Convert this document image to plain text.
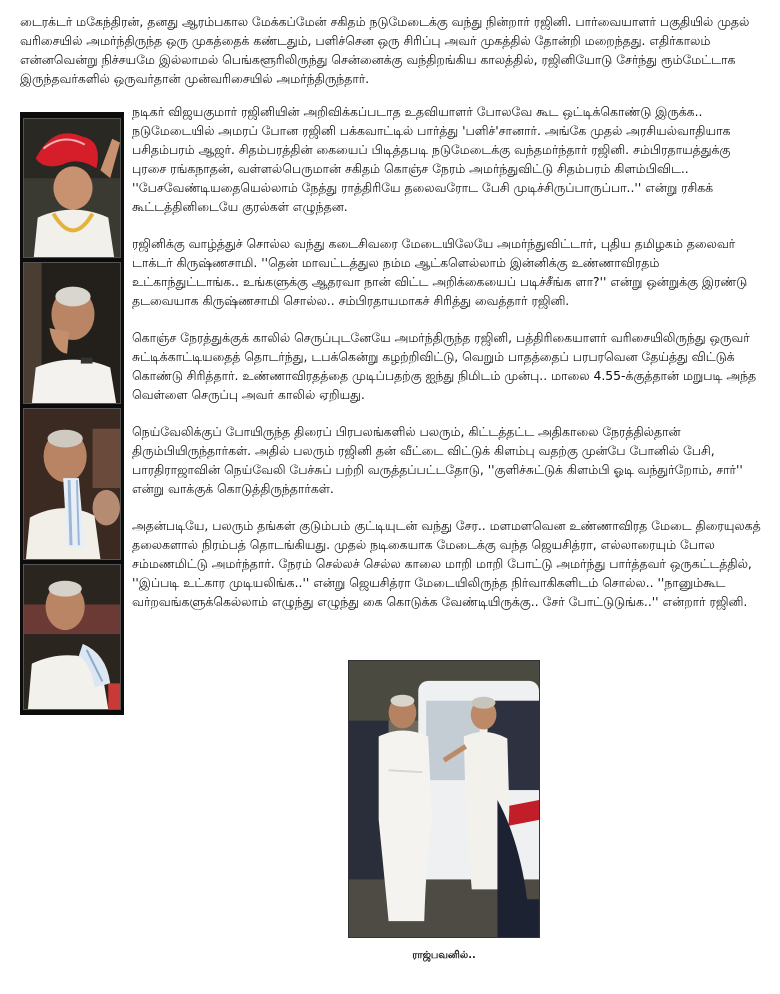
டைரக்டர் மகேந்திரன், தனது ஆரம்பகால மேக்கப்மேன் சகிதம் நடுமேடைக்கு வந்து நின்றார் ரஜினி. பார்வையாளர் பகுதியில் முதல் வரிசையில் அமர்ந்திருந்த ஒரு முகத்தைக் கண்டதும், பளிச்சென ஒரு சிரிப்பு அவர் முகத்தில் தோன்றி மறைந்தது. எதிர்காலம் என்னவென்று நிச்சயமே இல்லாமல் பெங்களூரிலிருந்து சென்னைக்கு வந்திறங்கிய காலத்தில், ரஜினியோடு சேர்ந்து ரூம்மேட்டாக இருந்தவர்களில் ஒருவர்தான் முன்வரிசையில் அமர்ந்திருந்தார்.

நடிகர் விஜயகுமார் ரஜினியின் அறிவிக்கப்படாத உதவியாளர் போலவே கூட ஒட்டிக்கொண்டு இருக்க.. நடுமேடையில் அமரப் போன ரஜினி பக்கவாட்டில் பார்த்து 'பளிச்'சானார். அங்கே முதல் அரசியல்வாதியாக பசிதம்பரம் ஆஜர். சிதம்பரத்தின் கையைப் பிடித்தபடி நடுமேடைக்கு வந்தமர்ந்தார் ரஜினி. சம்பிரதாயத்துக்கு புரசை ரங்கநாதன், வள்ளல்பெருமான் சகிதம் கொஞ்ச நேரம் அமர்ந்துவிட்டு சிதம்பரம் கிளம்பிவிட.. ''பேசவேண்டியதையெல்லாம் நேத்து ராத்திரியே தலைவரோட பேசி முடிச்சிருப்பாருப்பா..'' என்று ரசிகக் கூட்டத்தினிடையே குரல்கள் எழுந்தன.

ரஜினிக்கு வாழ்த்துச் சொல்ல வந்து கடைசிவரை மேடையிலேயே அமர்ந்துவிட்டார், புதிய தமிழகம் தலைவர் டாக்டர் கிருஷ்ணசாமி. ''தென் மாவட்டத்துல நம்ம ஆட்களெல்லாம் இன்னிக்கு உண்ணாவிரதம் உட்காந்துட்டாங்க.. உங்களுக்கு ஆதரவா நான் விட்ட அறிக்கையைப் படிச்சீங்க ளா?'' என்று ஒன்றுக்கு இரண்டு தடவையாக கிருஷ்ணசாமி சொல்ல.. சம்பிரதாயமாகச் சிரித்து வைத்தார் ரஜினி.

கொஞ்ச நேரத்துக்குக் காலில் செருப்புடனேயே அமர்ந்திருந்த ரஜினி, பத்திரிகையாளர் வரிசையிலிருந்து ஒருவர் சுட்டிக்காட்டியதைத் தொடர்ந்து, டபக்கென்று கழற்றிவிட்டு, வெறும் பாதத்தைப் பரபரவென தேய்த்து விட்டுக் கொண்டு சிரித்தார். உண்ணாவிரதத்தை முடிப்பதற்கு ஐந்து நிமிடம் முன்பு.. மாலை 4.55-க்குத்தான் மறுபடி அந்த வெள்ளை செருப்பு அவர் காலில் ஏறியது.

நெய்வேலிக்குப் போயிருந்த திரைப் பிரபலங்களில் பலரும், கிட்டத்தட்ட அதிகாலை நேரத்தில்தான் திரும்பியிருந்தார்கள். அதில் பலரும் ரஜினி தன் வீட்டை விட்டுக் கிளம்பு வதற்கு முன்பே போனில் பேசி, பாரதிராஜாவின் நெய்வேலி பேச்சுப் பற்றி வருத்தப்பட்டதோடு, ''குளிச்சுட்டுக் கிளம்பி ஓடி வந்துர்றோம், சார்'' என்று வாக்குக் கொடுத்திருந்தார்கள்.

அதன்படியே, பலரும் தங்கள் குடும்பம் குட்டியுடன் வந்து சேர.. மளமளவென உண்ணாவிரத மேடை திரையுலகத் தலைகளால் நிரம்பத் தொடங்கியது. முதல் நடிகையாக மேடைக்கு வந்த ஜெயசித்ரா, எல்லாரையும் போல சம்மணமிட்டு அமர்ந்தார். நேரம் செல்லச் செல்ல காலை மாறி மாறி போட்டு அமர்ந்து பார்த்தவர் ஒருகட்டத்தில், ''இப்படி உட்கார முடியலிங்க..'' என்று ஜெயசித்ரா மேடையிலிருந்த நிர்வாகிகளிடம் சொல்ல.. ''நானும்கூட வர்றவங்களுக்கெல்லாம் எழுந்து எழுந்து கை கொடுக்க வேண்டியிருக்கு.. சேர் போட்டுடுங்க..'' என்றார் ரஜினி.

ராஜ்பவனில்..
